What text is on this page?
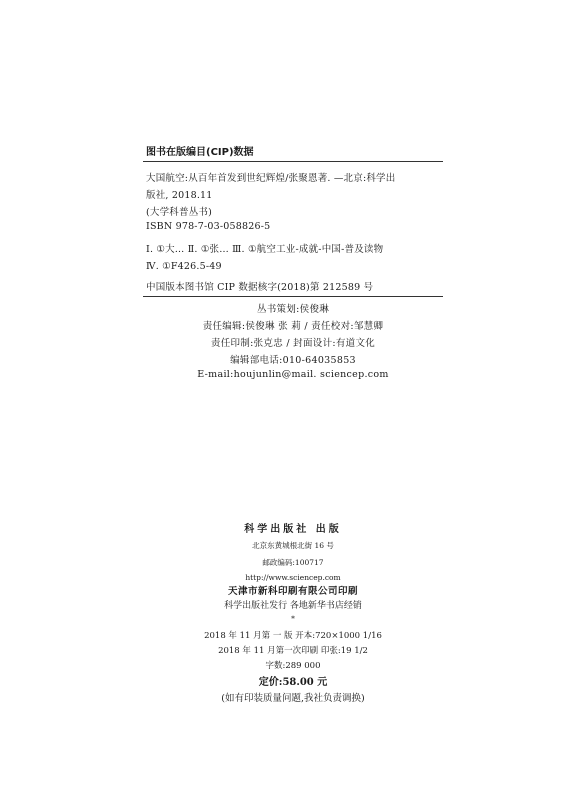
图书在版编目(CIP)数据
大国航空:从百年首发到世纪辉煌/张聚恩著. —北京:科学出
版社, 2018.11
(大学科普丛书)
ISBN 978-7-03-058826-5
Ⅰ. ①大… Ⅱ. ①张… Ⅲ. ①航空工业-成就-中国-普及读物
Ⅳ. ①F426.5-49
中国版本图书馆 CIP 数据核字(2018)第 212589 号
丛书策划:侯俊琳
责任编辑:侯俊琳 张 莉 / 责任校对:邹慧卿
责任印制:张克忠 / 封面设计:有道文化
编辑部电话:010-64035853
E-mail:houjunlin@mail. sciencep.com
科学出版社 出版
北京东黄城根北街 16 号
邮政编码:100717
http://www.sciencep.com
天津市新科印刷有限公司印刷
科学出版社发行 各地新华书店经销
*
2018 年 11 月第 一 版 开本:720×1000 1/16
2018 年 11 月第一次印刷 印张:19 1/2
字数:289 000
定价:58.00 元
(如有印装质量问题,我社负责调换)
